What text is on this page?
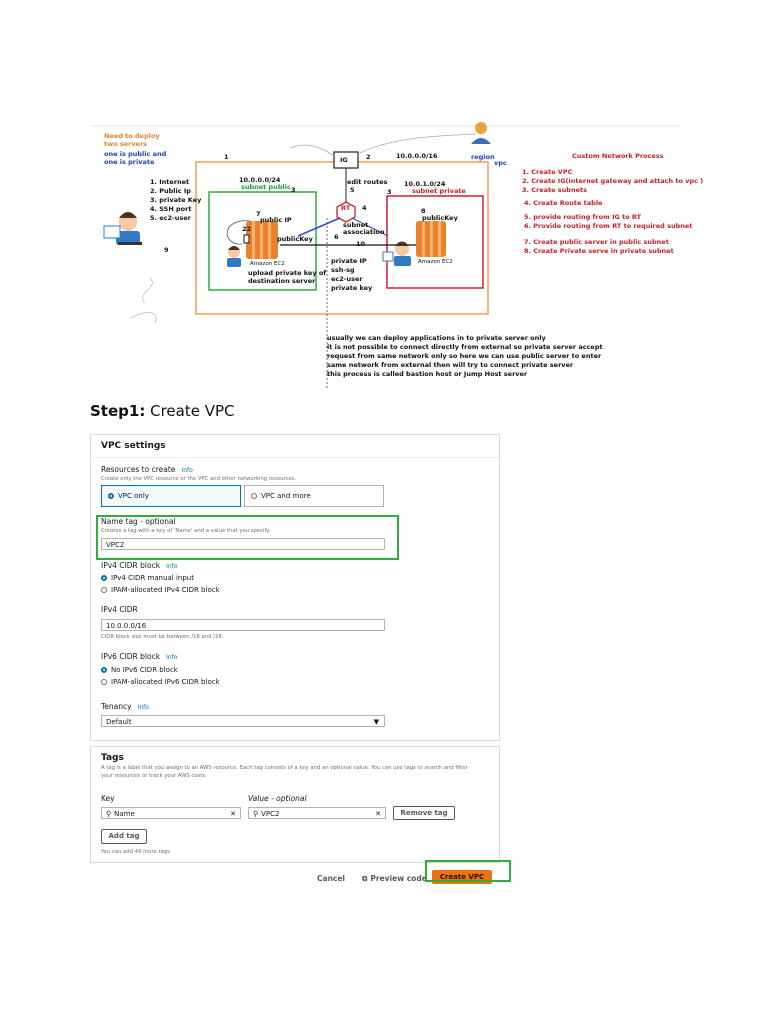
Need to deploy
two servers
one is public and
one is private
1. Internet
2. Public Ip
3. private Key
4. SSH port
5. ec2-user
1	2
IG	10.0.0.0/16	region
vpc
10.0.0.0/24
subnet public 3
edit routes
5
RT 4
10.0.1.0/24
subnet private
3
7
public IP
22
publicKey
8
publicKey
subnet
association
6
10
Amazon EC2	Amazon EC2
upload private key of
destination server
private IP
ssh-sg
ec2-user
private key
9
Custom Network Process
1. Create VPC
2. Create IG(internet gateway and attach to vpc )
3. Create subnets
4. Create Route table
5. provide routing from IG to RT
6. Provide routing from RT to required subnet
7. Create public server in public subnet
8. Create Private serve in private subnet
usually we can deploy applications in to private server only
it is not possible to connect directly from external so private server accept
request from same network only so here we can use public server to enter
same network from external then will try to connect private server
this process is called bastion host or Jump Host server
Step1: Create VPC
VPC settings
Resources to create Info
Create only the VPC resource or the VPC and other networking resources.
VPC only	VPC and more
Name tag - optional
Creates a tag with a key of 'Name' and a value that you specify.
VPC2
IPv4 CIDR block Info
IPv4 CIDR manual input
IPAM-allocated IPv4 CIDR block
IPv4 CIDR
10.0.0.0/16
CIDR block size must be between /16 and /28.
IPv6 CIDR block Info
No IPv6 CIDR block
IPAM-allocated IPv6 CIDR block
Tenancy Info
Default	▼
Tags
A tag is a label that you assign to an AWS resource. Each tag consists of a key and an optional value. You can use tags to search and filter
your resources or track your AWS costs.
Key	Value - optional
⚲ Name	✕	⚲ VPC2	✕	Remove tag
Add tag
You can add 49 more tags
Cancel ⧉ Preview code	Create VPC
